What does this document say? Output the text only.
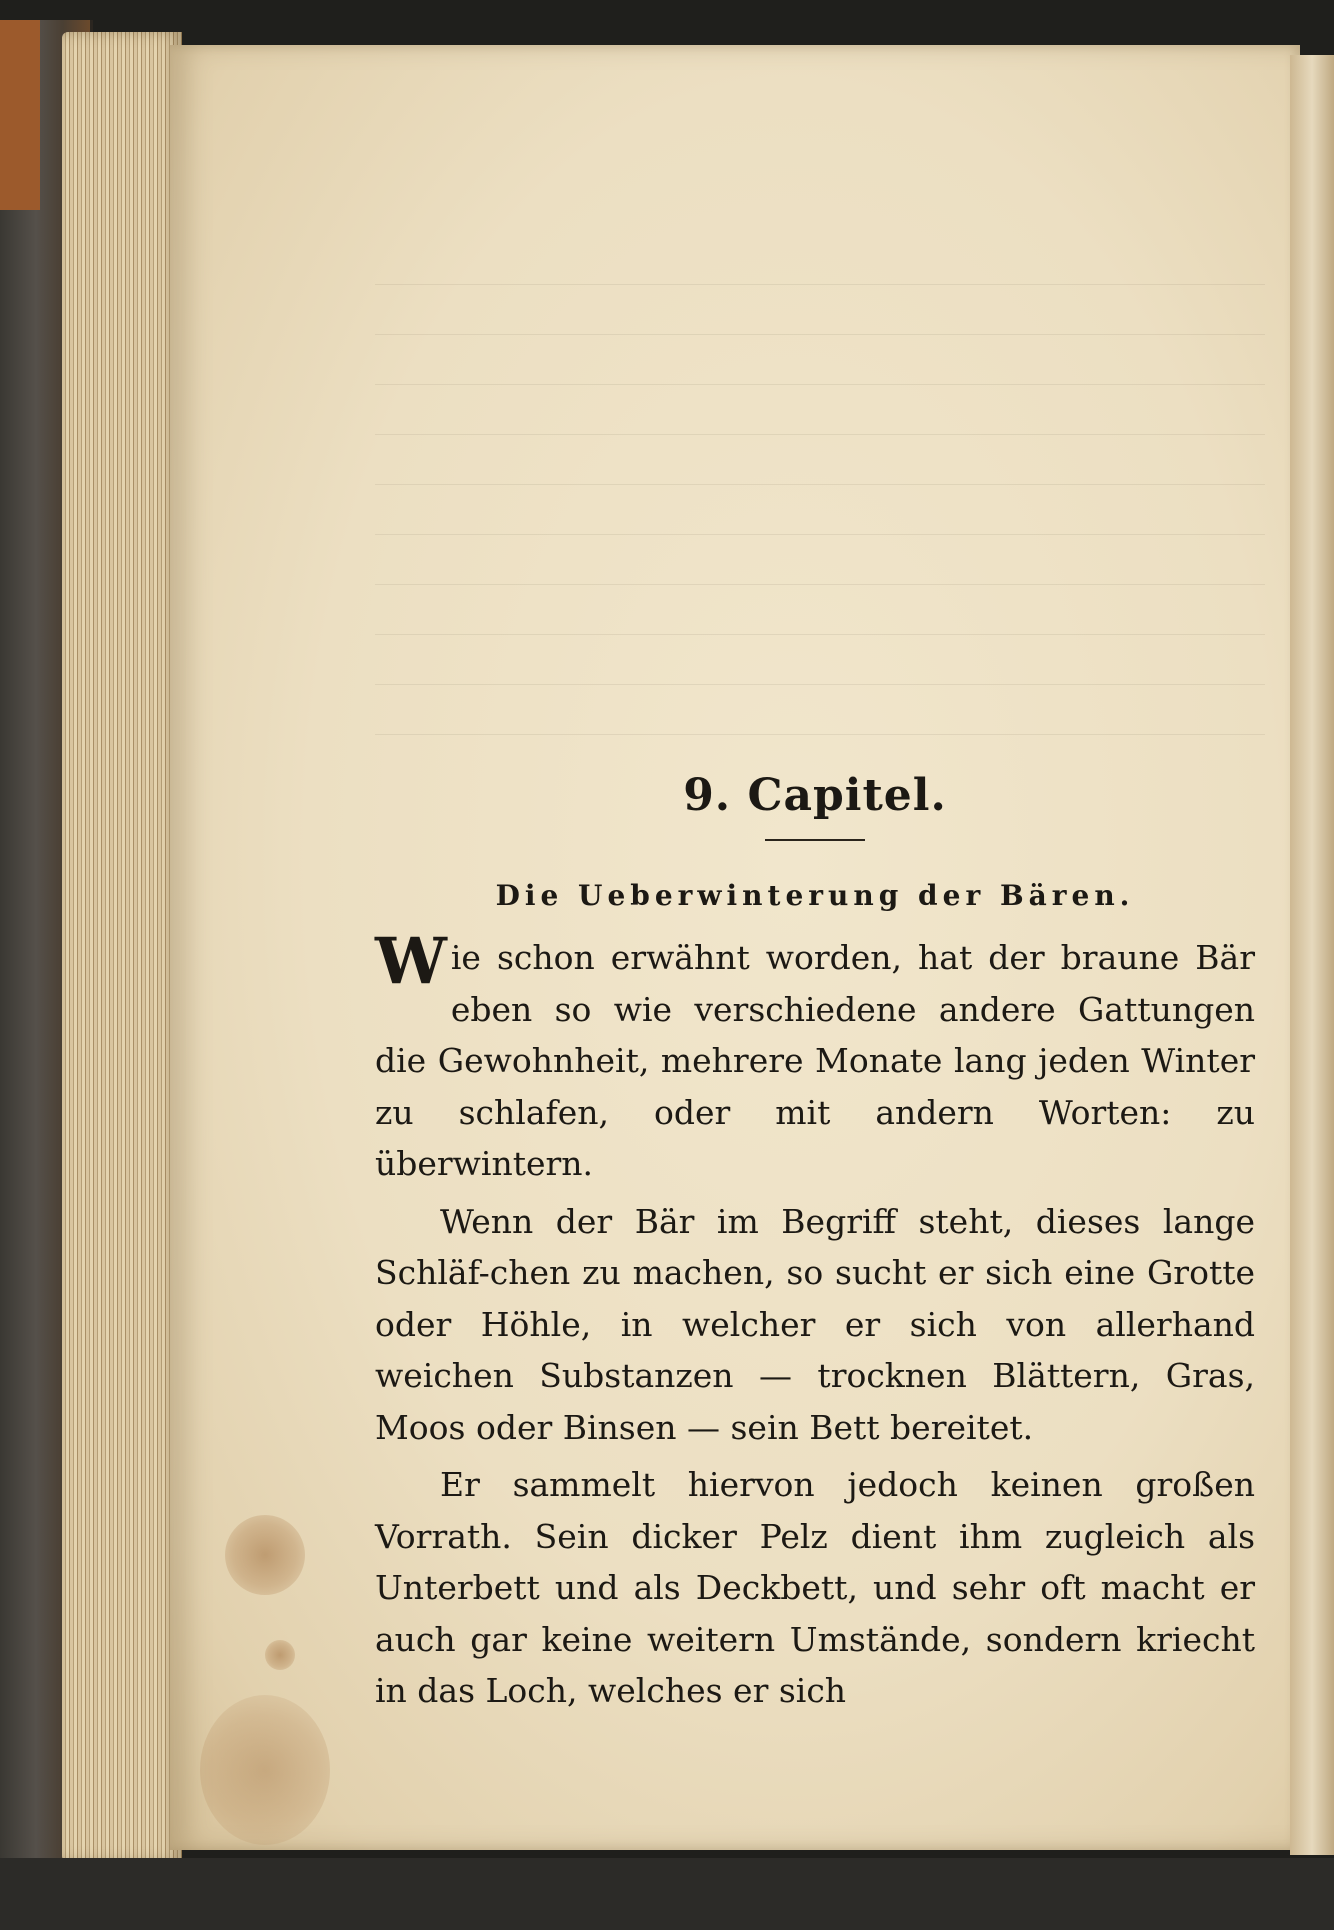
9. Capitel.
Die Ueberwinterung der Bären.

Wie schon erwähnt worden, hat der braune Bär eben so wie verschiedene andere Gattungen die Gewohnheit, mehrere Monate lang jeden Winter zu schlafen, oder mit andern Worten: zu überwintern.

Wenn der Bär im Begriff steht, dieses lange Schläf-chen zu machen, so sucht er sich eine Grotte oder Höhle, in welcher er sich von allerhand weichen Substanzen — trocknen Blättern, Gras, Moos oder Binsen — sein Bett bereitet.

Er sammelt hiervon jedoch keinen großen Vorrath. Sein dicker Pelz dient ihm zugleich als Unterbett und als Deckbett, und sehr oft macht er auch gar keine weitern Umstände, sondern kriecht in das Loch, welches er sich
